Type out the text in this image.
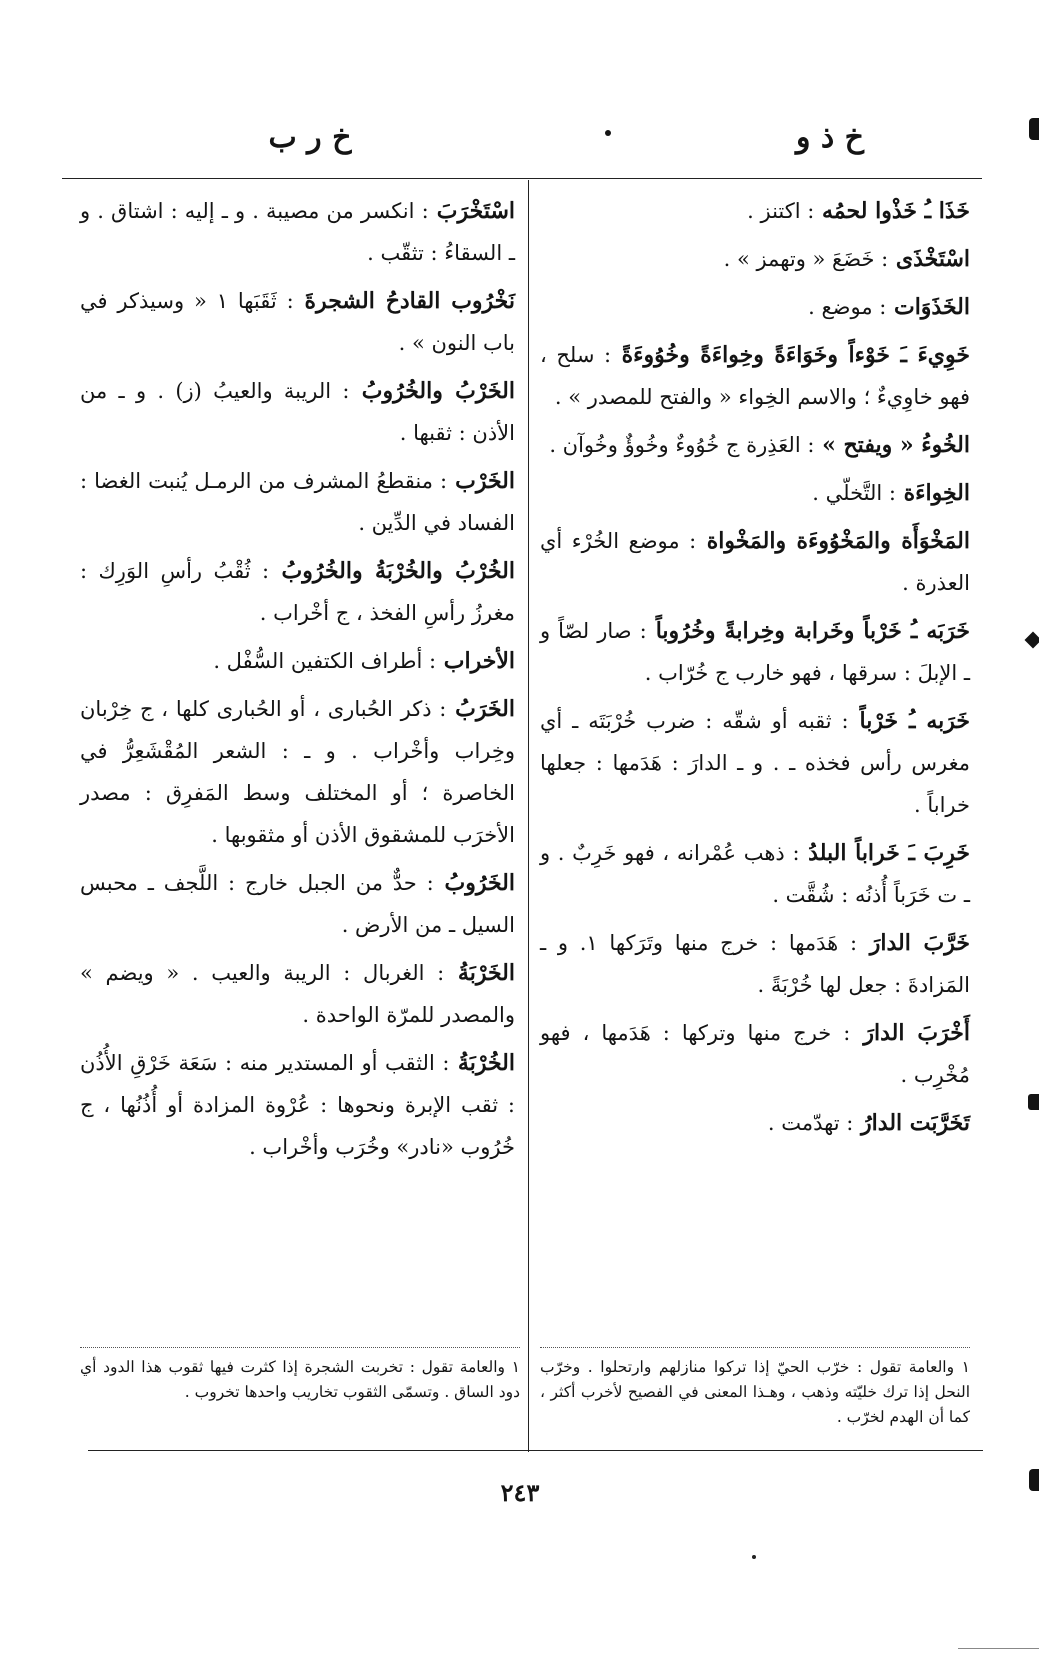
خ ذ و
خ ر ب

خَذَا ـُ خَذْوا لحمُه : اكتنز .

اسْتَخْذَى : خَضَعَ « وتهمز » .

الخَذَوَات : موضع .

خَوِيءَ ـَ خَوْءاً وخَوَاءَةً وخِواءَةً وخُوُوءَةً : سلح ، فهو خاوِيءٌ ؛ والاسم الخِواء « والفتح للمصدر » .

الخُوءُ « ويفتح » : العَذِرة ج خُوُوءٌ وخُوؤٌ وخُوآن .

الخِواءَة : التَّخلّي .

المَخْوَأَة والمَخْوُوءَة والمَخْواة : موضع الخُرْء أي العذرة .

خَرَبَه ـُ خَرْباً وخَرابة وخِرابةً وخُرُوباً : صار لصّاً و ـ الإبلَ : سرقها ، فهو خارب ج خُرّاب .

خَرَبه ـُ خَرْباً : ثقبه أو شقّه : ضرب خُرْبَتَه ـ أي مغرس رأس فخذه ـ . و ـ الدارَ : هَدَمها : جعلها خراباً .

خَرِبَ ـَ خَراباً البلدُ : ذهب عُمْرانه ، فهو خَرِبٌ . و ـ ت خَرَباً أُذنُه : شُقَّت .

خَرَّبَ الدارَ : هَدَمها : خرج منها وتَرَكها ١. و ـ المَزادةَ : جعل لها خُرْبَةً .

أَخْرَبَ الدارَ : خرج منها وتركها : هَدَمها ، فهو مُخْرِب .

تَخَرَّبَت الدارُ : تهدّمت .

اسْتَخْرَبَ : انكسر من مصيبة . و ـ إليه : اشتاق . و ـ السقاءُ : تثقّب .

نَخْرُوب القادحُ الشجرةَ : ثَقَبَها ١ « وسيذكر في باب النون » .

الخَرْبُ والخُرُوبُ : الريبة والعيبُ (ز) . و ـ من الأذن : ثقبها .

الخَرْب : منقطعُ المشرف من الرمـل يُنبت الغضا : الفساد في الدِّين .

الخُرْبُ والخُرْبَةُ والخُرُوبُ : ثُقْبُ رأسِ الوَرِك : مغرزُ رأسِ الفخذ ، ج أخْراب .

الأخراب : أطراف الكتفين السُّفْل .

الخَرَبُ : ذكر الحُبارى ، أو الحُبارى كلها ، ج خِرْبان وخِراب وأخْراب . و ـ : الشعر المُقْشَعِرُّ في الخاصرة ؛ أو المختلف وسط المَفرِق : مصدر الأخرَب للمشقوق الأذن أو مثقوبها .

الخَرُوبُ : حدٌّ من الجبل خارج : اللَّجف ـ محبس السيل ـ من الأرض .

الخَرْبَةُ : الغربال : الريبة والعيب . « ويضم » والمصدر للمرّة الواحدة .

الخُرْبَةُ : الثقب أو المستدير منه : سَعَة خَرْقِ الأُذُن : ثقب الإبرة ونحوها : عُرْوة المزادة أو أُذُنُها ، ج خُرُوب «نادر» وخُرَب وأخْراب .

١ والعامة تقول : خرّب الحيّ إذا تركوا منازلهم وارتحلوا . وخرّب النحل إذا ترك خليّته وذهب ، وهـذا المعنى في الفصيح لأخرب أكثر ، كما أن الهدم لخرّب .
١ والعامة تقول : تخربت الشجرة إذا كثرت فيها ثقوب هذا الدود أي دود الساق . وتسمّى الثقوب تخاريب واحدها تخروب .
٢٤٣
